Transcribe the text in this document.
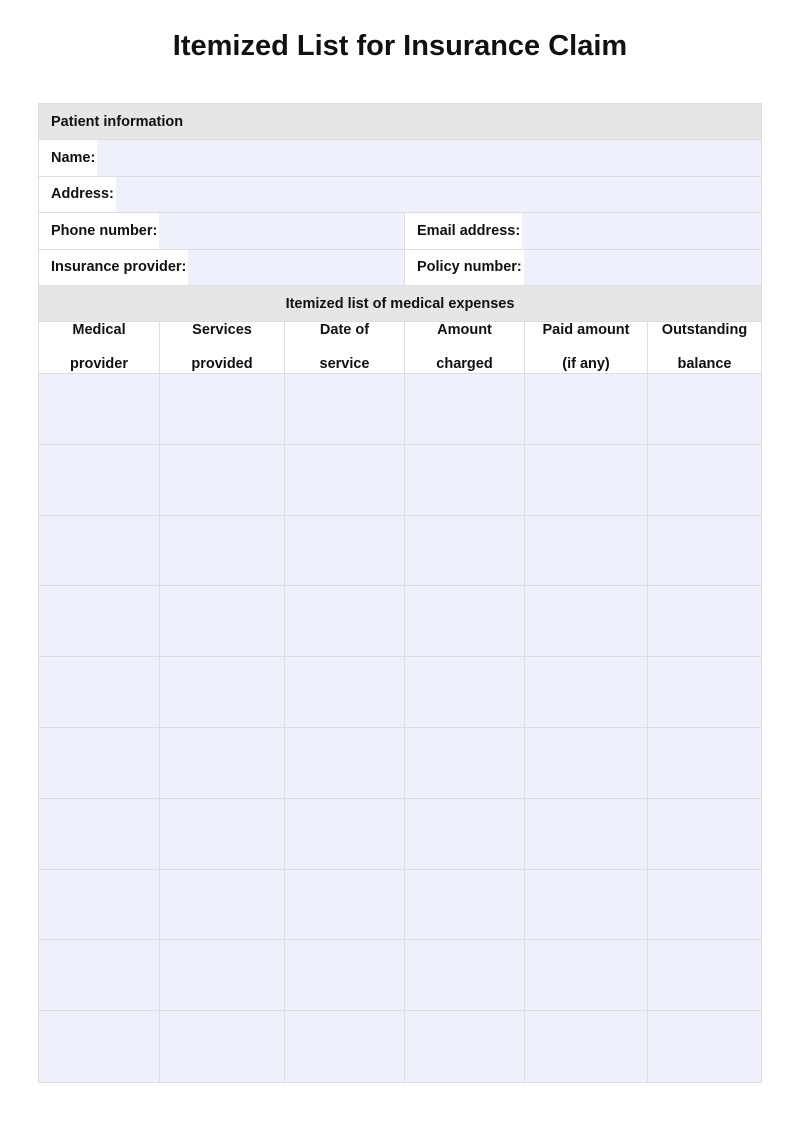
Itemized List for Insurance Claim
Patient information
Name:
Address:
Phone number:	Email address:
Insurance provider:	Policy number:
Itemized list of medical expenses
Medical

provider
Services

provided
Date of

service
Amount

charged
Paid amount

(if any)
Outstanding

balance
